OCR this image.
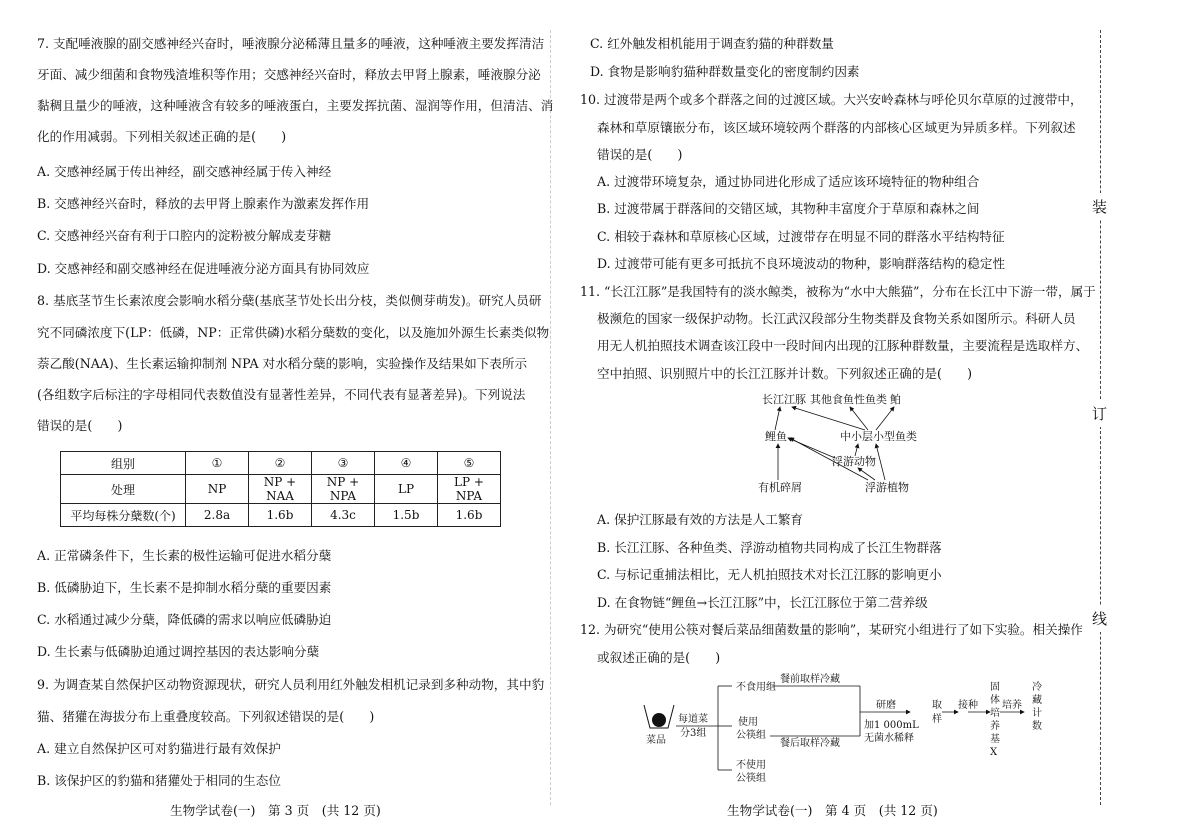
7. 支配唾液腺的副交感神经兴奋时，唾液腺分泌稀薄且量多的唾液，这种唾液主要发挥清洁
牙面、减少细菌和食物残渣堆积等作用；交感神经兴奋时，释放去甲肾上腺素，唾液腺分泌
黏稠且量少的唾液，这种唾液含有较多的唾液蛋白，主要发挥抗菌、湿润等作用，但清洁、消
化的作用减弱。下列相关叙述正确的是(　　)
A. 交感神经属于传出神经，副交感神经属于传入神经
B. 交感神经兴奋时，释放的去甲肾上腺素作为激素发挥作用
C. 交感神经兴奋有利于口腔内的淀粉被分解成麦芽糖
D. 交感神经和副交感神经在促进唾液分泌方面具有协同效应
8. 基底茎节生长素浓度会影响水稻分蘖(基底茎节处长出分枝，类似侧芽萌发)。研究人员研
究不同磷浓度下(LP：低磷，NP：正常供磷)水稻分蘖数的变化，以及施加外源生长素类似物
萘乙酸(NAA)、生长素运输抑制剂 NPA 对水稻分蘖的影响，实验操作及结果如下表所示
(各组数字后标注的字母相同代表数值没有显著性差异，不同代表有显著差异)。下列说法
错误的是(　　)
组别	①	②	③	④	⑤
处理	NP	NP + NAA	NP + NPA	LP	LP + NPA
平均每株分蘖数(个)	2.8a	1.6b	4.3c	1.5b	1.6b
A. 正常磷条件下，生长素的极性运输可促进水稻分蘖
B. 低磷胁迫下，生长素不是抑制水稻分蘖的重要因素
C. 水稻通过减少分蘖，降低磷的需求以响应低磷胁迫
D. 生长素与低磷胁迫通过调控基因的表达影响分蘖
9. 为调查某自然保护区动物资源现状，研究人员利用红外触发相机记录到多种动物，其中豹
猫、猪獾在海拔分布上重叠度较高。下列叙述错误的是(　　)
A. 建立自然保护区可对豹猫进行最有效保护
B. 该保护区的豹猫和猪獾处于相同的生态位
生物学试卷(一)　第 3 页　(共 12 页)
C. 红外触发相机能用于调查豹猫的种群数量
D. 食物是影响豹猫种群数量变化的密度制约因素
10. 过渡带是两个或多个群落之间的过渡区域。大兴安岭森林与呼伦贝尔草原的过渡带中，
森林和草原镶嵌分布，该区域环境较两个群落的内部核心区域更为异质多样。下列叙述
错误的是(　　)
A. 过渡带环境复杂，通过协同进化形成了适应该环境特征的物种组合
B. 过渡带属于群落间的交错区域，其物种丰富度介于草原和森林之间
C. 相较于森林和草原核心区域，过渡带存在明显不同的群落水平结构特征
D. 过渡带可能有更多可抵抗不良环境波动的物种，影响群落结构的稳定性
11. “长江江豚”是我国特有的淡水鲸类，被称为“水中大熊猫”，分布在长江中下游一带，属于
极濒危的国家一级保护动物。长江武汉段部分生物类群及食物关系如图所示。科研人员
用无人机拍照技术调查该江段中一段时间内出现的江豚种群数量，主要流程是选取样方、
空中拍照、识别照片中的长江江豚并计数。下列叙述正确的是(　　)
长江江豚 其他食鱼性鱼类 鲌
鲤鱼	中小层小型鱼类
浮游动物
有机碎屑	浮游植物
A. 保护江豚最有效的方法是人工繁育
B. 长江江豚、各种鱼类、浮游动植物共同构成了长江生物群落
C. 与标记重捕法相比，无人机拍照技术对长江江豚的影响更小
D. 在食物链“鲤鱼→长江江豚”中，长江江豚位于第二营养级
12. 为研究“使用公筷对餐后菜品细菌数量的影响”，某研究小组进行了如下实验。相关操作
或叙述正确的是(　　)
菜品
每道菜
分3组
不食用组
使用
公筷组
不使用
公筷组
餐前取样冷藏
餐后取样冷藏
研磨
加1 000mL
无菌水稀释
取
样
接种
固
体
培
养
基
X
培养
冷
藏
计
数
生物学试卷(一)　第 4 页　(共 12 页)
装
订
线
